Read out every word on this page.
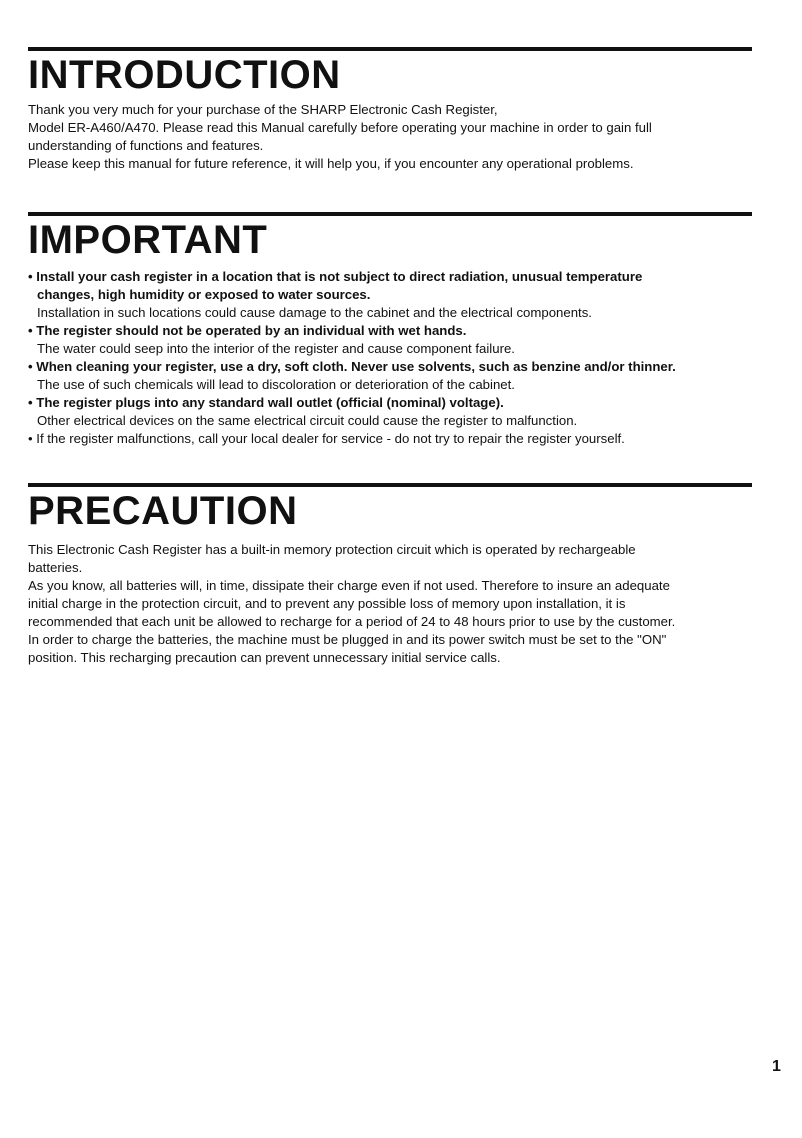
INTRODUCTION
Thank you very much for your purchase of the SHARP Electronic Cash Register,
Model ER-A460/A470. Please read this Manual carefully before operating your machine in order to gain full
understanding of functions and features.
Please keep this manual for future reference, it will help you, if you encounter any operational problems.
IMPORTANT
• Install your cash register in a location that is not subject to direct radiation, unusual temperature
changes, high humidity or exposed to water sources.
Installation in such locations could cause damage to the cabinet and the electrical components.
• The register should not be operated by an individual with wet hands.
The water could seep into the interior of the register and cause component failure.
• When cleaning your register, use a dry, soft cloth. Never use solvents, such as benzine and/or thinner.
The use of such chemicals will lead to discoloration or deterioration of the cabinet.
• The register plugs into any standard wall outlet (official (nominal) voltage).
Other electrical devices on the same electrical circuit could cause the register to malfunction.
• If the register malfunctions, call your local dealer for service - do not try to repair the register yourself.
PRECAUTION
This Electronic Cash Register has a built-in memory protection circuit which is operated by rechargeable
batteries.
As you know, all batteries will, in time, dissipate their charge even if not used. Therefore to insure an adequate
initial charge in the protection circuit, and to prevent any possible loss of memory upon installation, it is
recommended that each unit be allowed to recharge for a period of 24 to 48 hours prior to use by the customer.
In order to charge the batteries, the machine must be plugged in and its power switch must be set to the "ON"
position. This recharging precaution can prevent unnecessary initial service calls.
1
